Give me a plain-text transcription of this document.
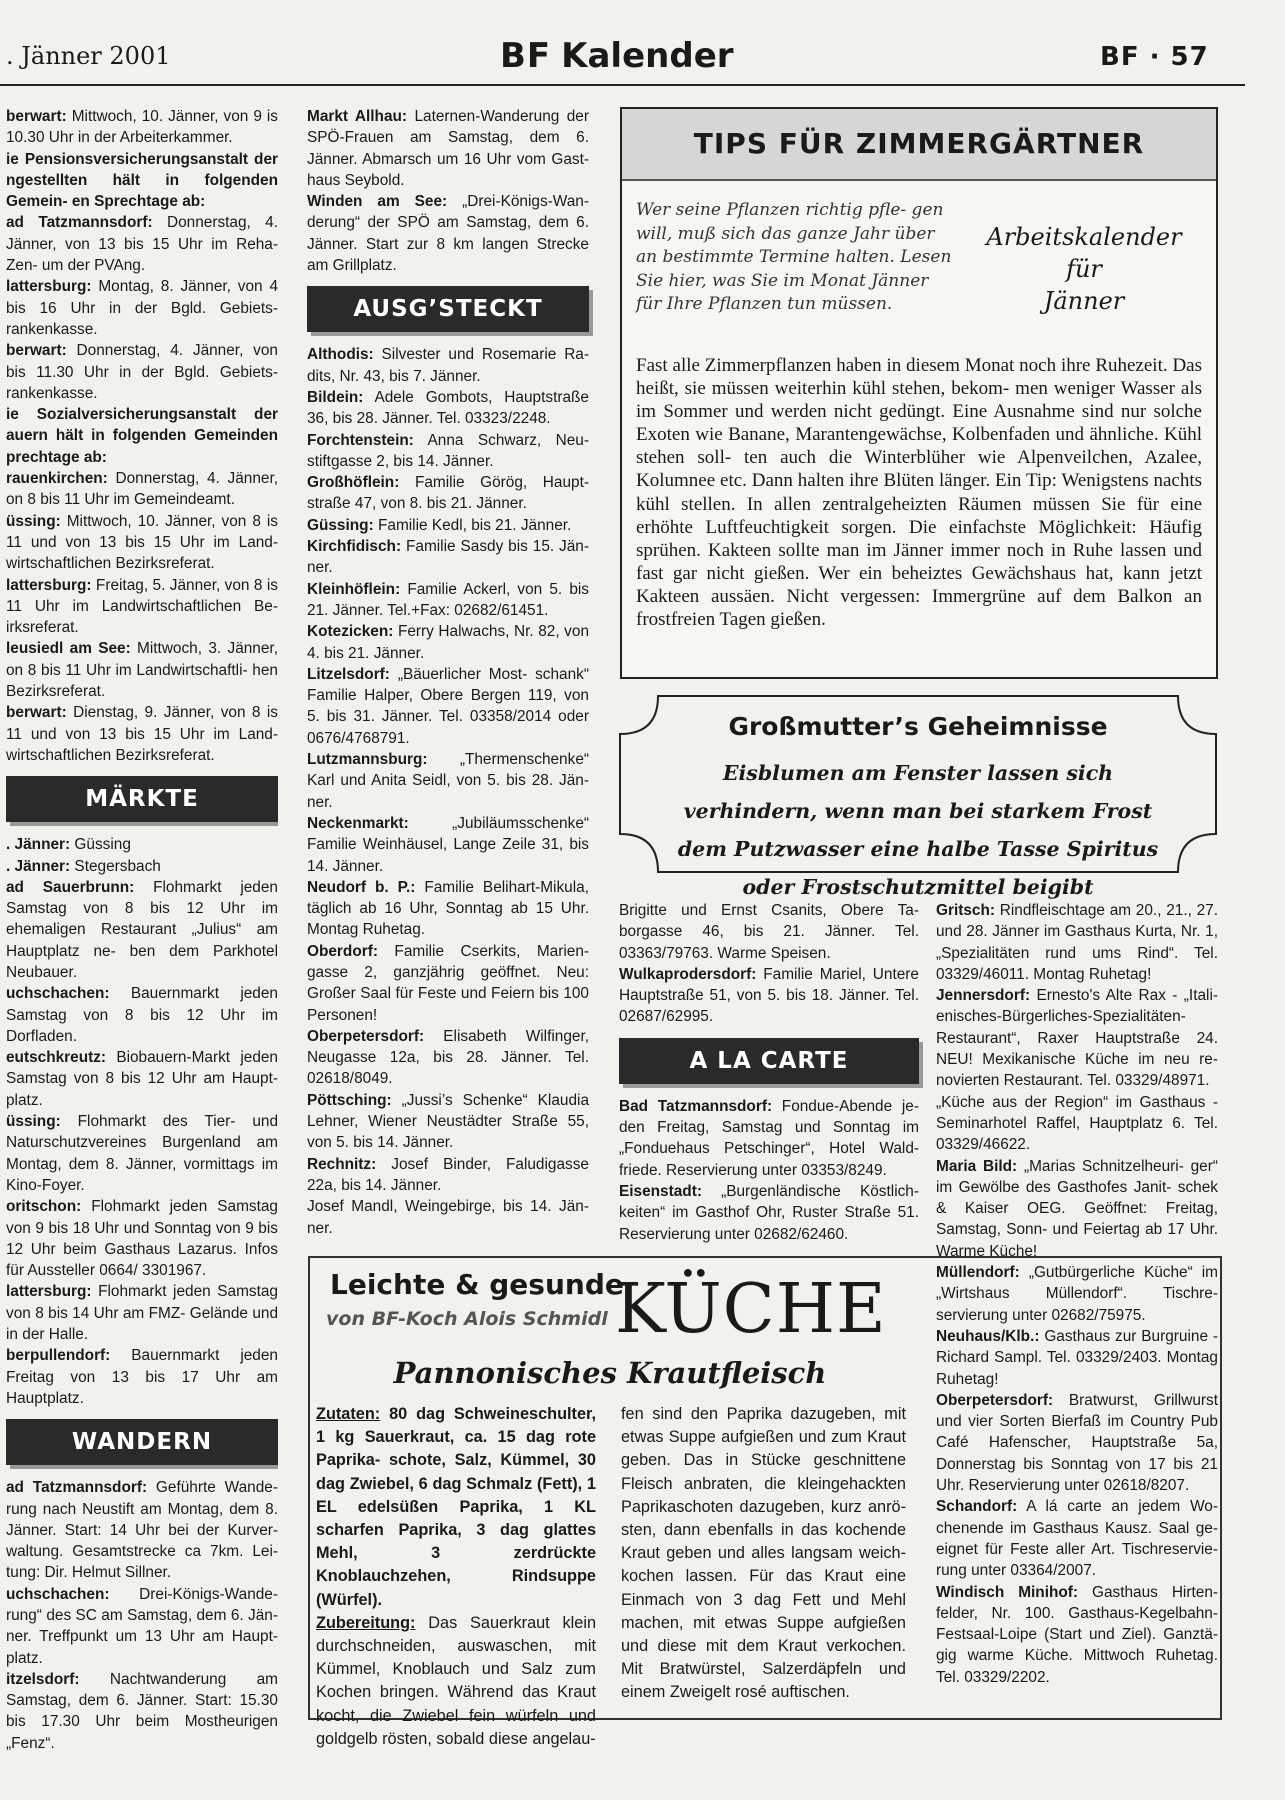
. Jänner 2001	BF Kalender	BF · 57

berwart: Mittwoch, 10. Jänner, von 9 is 10.30 Uhr in der Arbeiterkammer.

ie Pensionsversicherungsanstalt der ngestellten hält in folgenden Gemein- en Sprechtage ab:

ad Tatzmannsdorf: Donnerstag, 4. Jänner, von 13 bis 15 Uhr im Reha-Zen- um der PVAng.

lattersburg: Montag, 8. Jänner, von 4 bis 16 Uhr in der Bgld. Gebiets- rankenkasse.

berwart: Donnerstag, 4. Jänner, von bis 11.30 Uhr in der Bgld. Gebiets- rankenkasse.

ie Sozialversicherungsanstalt der auern hält in folgenden Gemeinden prechtage ab:

rauenkirchen: Donnerstag, 4. Jänner, on 8 bis 11 Uhr im Gemeindeamt.

üssing: Mittwoch, 10. Jänner, von 8 is 11 und von 13 bis 15 Uhr im Land- wirtschaftlichen Bezirksreferat.

lattersburg: Freitag, 5. Jänner, von 8 is 11 Uhr im Landwirtschaftlichen Be- irksreferat.

leusiedl am See: Mittwoch, 3. Jänner, on 8 bis 11 Uhr im Landwirtschaftli- hen Bezirksreferat.

berwart: Dienstag, 9. Jänner, von 8 is 11 und von 13 bis 15 Uhr im Land- wirtschaftlichen Bezirksreferat.

MÄRKTE

. Jänner: Güssing

. Jänner: Stegersbach

ad Sauerbrunn: Flohmarkt jeden Samstag von 8 bis 12 Uhr im ehemaligen Restaurant „Julius“ am Hauptplatz ne- ben dem Parkhotel Neubauer.

uchschachen: Bauernmarkt jeden Samstag von 8 bis 12 Uhr im Dorfladen.

eutschkreutz: Biobauern-Markt jeden Samstag von 8 bis 12 Uhr am Haupt- platz.

üssing: Flohmarkt des Tier- und Naturschutzvereines Burgenland am Montag, dem 8. Jänner, vormittags im Kino-Foyer.

oritschon: Flohmarkt jeden Samstag von 9 bis 18 Uhr und Sonntag von 9 bis 12 Uhr beim Gasthaus Lazarus. Infos für Aussteller 0664/ 3301967.

lattersburg: Flohmarkt jeden Samstag von 8 bis 14 Uhr am FMZ- Gelände und in der Halle.

berpullendorf: Bauernmarkt jeden Freitag von 13 bis 17 Uhr am Hauptplatz.

WANDERN

ad Tatzmannsdorf: Geführte Wande- rung nach Neustift am Montag, dem 8. Jänner. Start: 14 Uhr bei der Kurver- waltung. Gesamtstrecke ca 7km. Lei- tung: Dir. Helmut Sillner.

uchschachen: Drei-Königs-Wande- rung“ des SC am Samstag, dem 6. Jän- ner. Treffpunkt um 13 Uhr am Haupt- platz.

itzelsdorf: Nachtwanderung am Samstag, dem 6. Jänner. Start: 15.30 bis 17.30 Uhr beim Mostheurigen „Fenz“.

Markt Allhau: Laternen-Wanderung der SPÖ-Frauen am Samstag, dem 6. Jänner. Abmarsch um 16 Uhr vom Gast- haus Seybold.

Winden am See: „Drei-Königs-Wan- derung“ der SPÖ am Samstag, dem 6. Jänner. Start zur 8 km langen Strecke am Grillplatz.

AUSG’STECKT

Althodis: Silvester und Rosemarie Ra- dits, Nr. 43, bis 7. Jänner.

Bildein: Adele Gombots, Hauptstraße 36, bis 28. Jänner. Tel. 03323/2248.

Forchtenstein: Anna Schwarz, Neu- stiftgasse 2, bis 14. Jänner.

Großhöflein: Familie Görög, Haupt- straße 47, von 8. bis 21. Jänner.

Güssing: Familie Kedl, bis 21. Jänner.

Kirchfidisch: Familie Sasdy bis 15. Jän- ner.

Kleinhöflein: Familie Ackerl, von 5. bis 21. Jänner. Tel.+Fax: 02682/61451.

Kotezicken: Ferry Halwachs, Nr. 82, von 4. bis 21. Jänner.

Litzelsdorf: „Bäuerlicher Most- schank“ Familie Halper, Obere Bergen 119, von 5. bis 31. Jänner. Tel. 03358/2014 oder 0676/4768791.

Lutzmannsburg: „Thermenschenke“ Karl und Anita Seidl, von 5. bis 28. Jän- ner.

Neckenmarkt: „Jubiläumsschenke“ Familie Weinhäusel, Lange Zeile 31, bis 14. Jänner.

Neudorf b. P.: Familie Belihart-Mikula, täglich ab 16 Uhr, Sonntag ab 15 Uhr. Montag Ruhetag.

Oberdorf: Familie Cserkits, Marien- gasse 2, ganzjährig geöffnet. Neu: Großer Saal für Feste und Feiern bis 100 Personen!

Oberpetersdorf: Elisabeth Wilfinger, Neugasse 12a, bis 28. Jänner. Tel. 02618/8049.

Pöttsching: „Jussi’s Schenke“ Klaudia Lehner, Wiener Neustädter Straße 55, von 5. bis 14. Jänner.

Rechnitz: Josef Binder, Faludigasse 22a, bis 14. Jänner.

Josef Mandl, Weingebirge, bis 14. Jän- ner.

TIPS FÜR ZIMMERGÄRTNER
Wer seine Pflanzen richtig pfle- gen will, muß sich das ganze Jahr über an bestimmte Termine halten. Lesen Sie hier, was Sie im Monat Jänner für Ihre Pflanzen tun müssen.
Arbeitskalender
für
Jänner
Fast alle Zimmerpflanzen haben in diesem Monat noch ihre Ruhezeit. Das heißt, sie müssen weiterhin kühl stehen, bekom- men weniger Wasser als im Sommer und werden nicht gedüngt. Eine Ausnahme sind nur solche Exoten wie Banane, Marantengewächse, Kolbenfaden und ähnliche. Kühl stehen soll- ten auch die Winterblüher wie Alpenveilchen, Azalee, Kolumnee etc. Dann halten ihre Blüten länger. Ein Tip: Wenigstens nachts kühl stellen. In allen zentralgeheizten Räumen müssen Sie für eine erhöhte Luftfeuchtigkeit sorgen. Die einfachste Möglichkeit: Häufig sprühen. Kakteen sollte man im Jänner immer noch in Ruhe lassen und fast gar nicht gießen. Wer ein beheiztes Gewächshaus hat, kann jetzt Kakteen aussäen. Nicht vergessen: Immergrüne auf dem Balkon an frostfreien Tagen gießen.
Großmutter’s Geheimnisse
Eisblumen am Fenster lassen sich verhindern, wenn man bei starkem Frost dem Putzwasser eine halbe Tasse Spiritus oder Frostschutzmittel beigibt

Brigitte und Ernst Csanits, Obere Ta- borgasse 46, bis 21. Jänner. Tel. 03363/79763. Warme Speisen.

Wulkaprodersdorf: Familie Mariel, Untere Hauptstraße 51, von 5. bis 18. Jänner. Tel. 02687/62995.

A LA CARTE

Bad Tatzmannsdorf: Fondue-Abende je- den Freitag, Samstag und Sonntag im „Fonduehaus Petschinger“, Hotel Wald- friede. Reservierung unter 03353/8249.

Eisenstadt: „Burgenländische Köstlich- keiten“ im Gasthof Ohr, Ruster Straße 51. Reservierung unter 02682/62460.

Gritsch: Rindfleischtage am 20., 21., 27. und 28. Jänner im Gasthaus Kurta, Nr. 1, „Spezialitäten rund ums Rind“. Tel. 03329/46011. Montag Ruhetag!

Jennersdorf: Ernesto's Alte Rax - „Itali- enisches-Bürgerliches-Spezialitäten- Restaurant“, Raxer Hauptstraße 24. NEU! Mexikanische Küche im neu re- novierten Restaurant. Tel. 03329/48971.

„Küche aus der Region“ im Gasthaus - Seminarhotel Raffel, Hauptplatz 6. Tel. 03329/46622.

Maria Bild: „Marias Schnitzelheuri- ger“ im Gewölbe des Gasthofes Janit- schek & Kaiser OEG. Geöffnet: Freitag, Samstag, Sonn- und Feiertag ab 17 Uhr. Warme Küche!

Müllendorf: „Gutbürgerliche Küche“ im „Wirtshaus Müllendorf“. Tischre- servierung unter 02682/75975.

Neuhaus/Klb.: Gasthaus zur Burgruine - Richard Sampl. Tel. 03329/2403. Montag Ruhetag!

Oberpetersdorf: Bratwurst, Grillwurst und vier Sorten Bierfaß im Country Pub Café Hafenscher, Hauptstraße 5a, Donnerstag bis Sonntag von 17 bis 21 Uhr. Reservierung unter 02618/8207.

Schandorf: A lá carte an jedem Wo- chenende im Gasthaus Kausz. Saal ge- eignet für Feste aller Art. Tischreservie- rung unter 03364/2007.

Windisch Minihof: Gasthaus Hirten- felder, Nr. 100. Gasthaus-Kegelbahn- Festsaal-Loipe (Start und Ziel). Ganztä- gig warme Küche. Mittwoch Ruhetag. Tel. 03329/2202.

Leichte & gesunde
von BF-Koch Alois Schmidl KÜCHE
Pannonisches Krautfleisch
Zutaten: 80 dag Schweineschulter, 1 kg Sauerkraut, ca. 15 dag rote Paprika- schote, Salz, Kümmel, 30 dag Zwiebel, 6 dag Schmalz (Fett), 1 EL edelsüßen Paprika, 1 KL scharfen Paprika, 3 dag glattes Mehl, 3 zerdrückte Knoblauchzehen, Rindsuppe (Würfel).
Zubereitung: Das Sauerkraut klein durchschneiden, auswaschen, mit Kümmel, Knoblauch und Salz zum Kochen bringen. Während das Kraut kocht, die Zwiebel fein würfeln und goldgelb rösten, sobald diese angelau-
fen sind den Paprika dazugeben, mit etwas Suppe aufgießen und zum Kraut geben. Das in Stücke geschnittene Fleisch anbraten, die kleingehackten Paprikaschoten dazugeben, kurz anrö- sten, dann ebenfalls in das kochende Kraut geben und alles langsam weich- kochen lassen. Für das Kraut eine Einmach von 3 dag Fett und Mehl machen, mit etwas Suppe aufgießen und diese mit dem Kraut verkochen. Mit Bratwürstel, Salzerdäpfeln und einem Zweigelt rosé auftischen.
